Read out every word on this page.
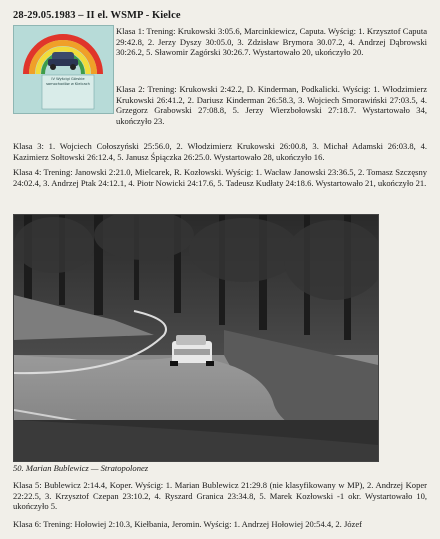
28-29.05.1983 – II el. WSMP - Kielce
IV Wyścigi Górskie samochodów w Kielcach

Klasa 1: Trening: Krukowski 3:05.6, Marcinkiewicz, Caputa. Wyścig: 1. Krzysztof Caputa 29:42.8, 2. Jerzy Dyszy 30:05.0, 3. Zdzisław Brymora 30.07.2, 4. Andrzej Dąbrowski 30:26.2, 5. Sławomir Zagórski 30:26.7. Wystartowało 20, ukończyło 20.

Klasa 2: Trening: Krukowski 2:42.2, D. Kinderman, Podkalicki. Wyścig: 1. Włodzimierz Krukowski 26:41.2, 2. Dariusz Kinderman 26:58.3, 3. Wojciech Smorawiński 27:03.5, 4. Grzegorz Grabowski 27:08.8, 5. Jerzy Wierzbołowski 27:18.7. Wystartowało 34, ukończyło 23.

Klasa 3: 1. Wojciech Cołoszyński 25:56.0, 2. Włodzimierz Krukowski 26:00.8, 3. Michał Adamski 26:03.8, 4. Kazimierz Sołtowski 26:12.4, 5. Janusz Śpiączka 26:25.0. Wystartowało 28, ukończyło 16.

Klasa 4: Trening: Janowski 2:21.0, Mielcarek, R. Kozłowski. Wyścig: 1. Wacław Janowski 23:36.5, 2. Tomasz Szczęsny 24:02.4, 3. Andrzej Ptak 24:12.1, 4. Piotr Nowicki 24:17.6, 5. Tadeusz Kudłaty 24:18.6. Wystartowało 21, ukończyło 21.

50. Marian Bublewicz — Stratopolonez

Klasa 5: Bublewicz 2:14.4, Koper. Wyścig: 1. Marian Bublewicz 21:29.8 (nie klasyfikowany w MP), 2. Andrzej Koper 22:22.5, 3. Krzysztof Czepan 23:10.2, 4. Ryszard Granica 23:34.8, 5. Marek Kozłowski -1 okr. Wystartowało 10, ukończyło 5.

Klasa 6: Trening: Hołowiej 2:10.3, Kiełbania, Jeromin. Wyścig: 1. Andrzej Hołowiej 20:54.4, 2. Józef
